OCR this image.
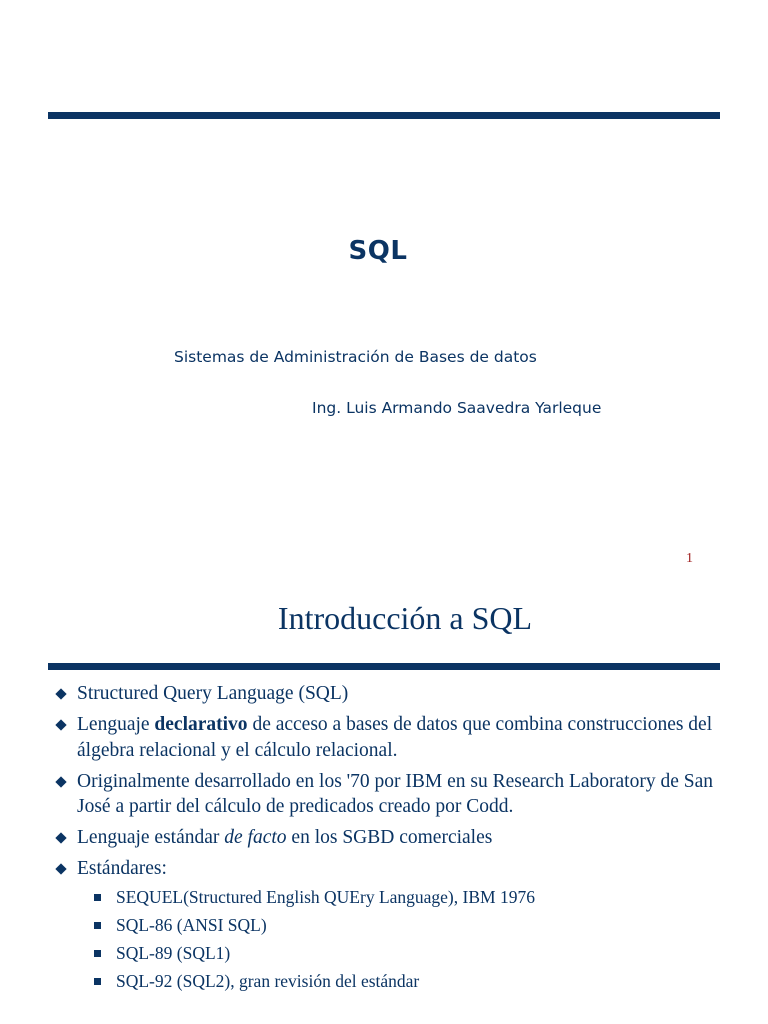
SQL
Sistemas de Administración de Bases de datos
Ing. Luis Armando Saavedra Yarleque
1
Introducción a SQL
Structured Query Language (SQL)
Lenguaje declarativo de acceso a bases de datos que combina construcciones del álgebra relacional y el cálculo relacional.
Originalmente desarrollado en los '70 por IBM en su Research Laboratory de San José a partir del cálculo de predicados creado por Codd.
Lenguaje estándar de facto en los SGBD comerciales
Estándares:
SEQUEL(Structured English QUEry Language), IBM 1976
SQL-86 (ANSI SQL)
SQL-89 (SQL1)
SQL-92 (SQL2), gran revisión del estándar
